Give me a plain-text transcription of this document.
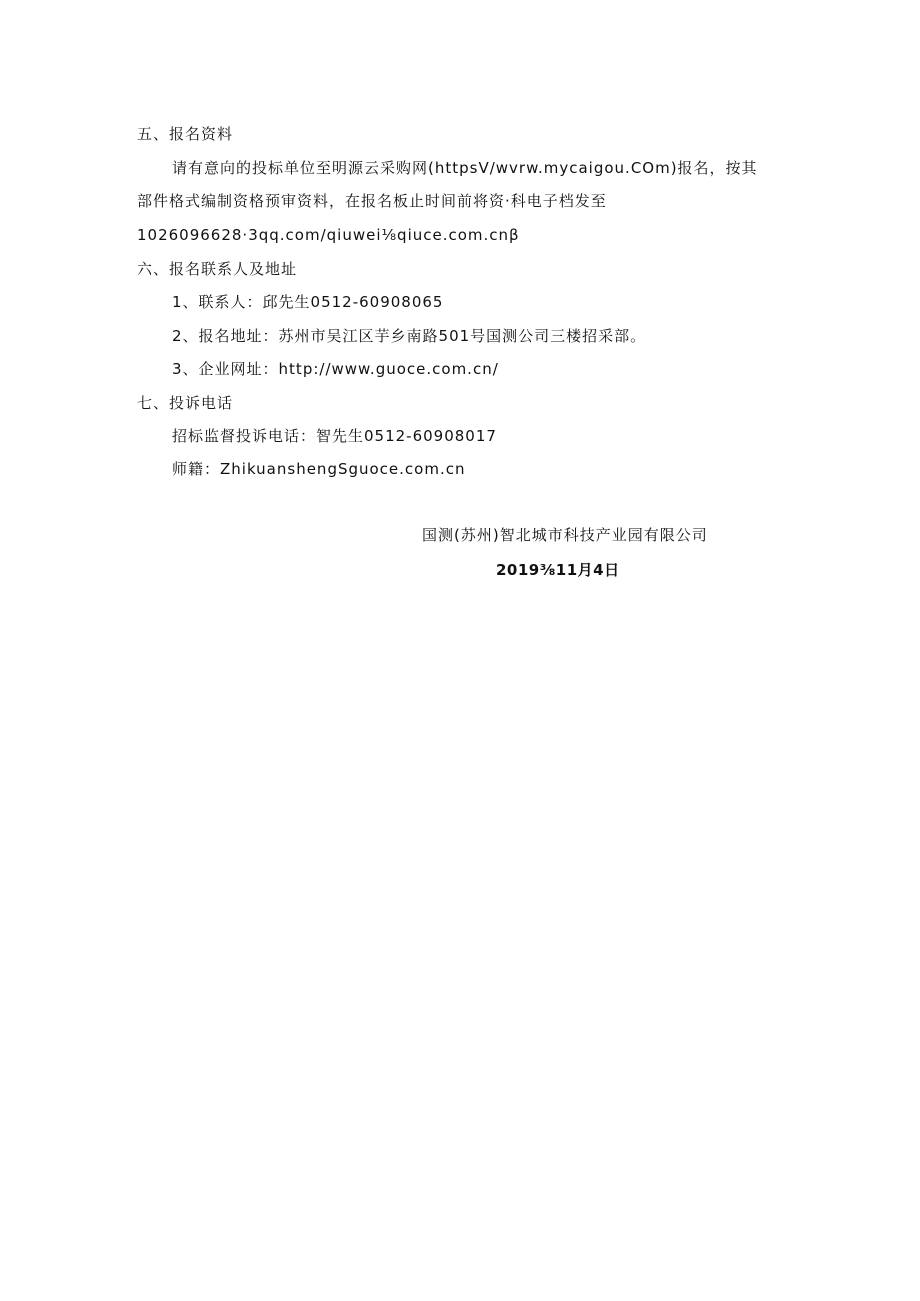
五、报名资料
请有意向的投标单位至明源云采购网(httpsV/wvrw.mycaigou.COm)报名，按其
部件格式编制资格预审资料，在报名板止时间前将资·科电子档发至
1026096628·3qq.com/qiuwei⅛qiuce.com.cnβ
六、报名联系人及地址
1、联系人：邱先生0512-60908065
2、报名地址：苏州市吴江区芋乡南路501号国测公司三楼招采部。
3、企业网址：http://www.guoce.com.cn/
七、投诉电话
招标监督投诉电话：智先生0512-60908017
师籍：ZhikuanshengSguoce.com.cn
国测(苏州)智北城市科技产业园有限公司
2019⅜11月4日
